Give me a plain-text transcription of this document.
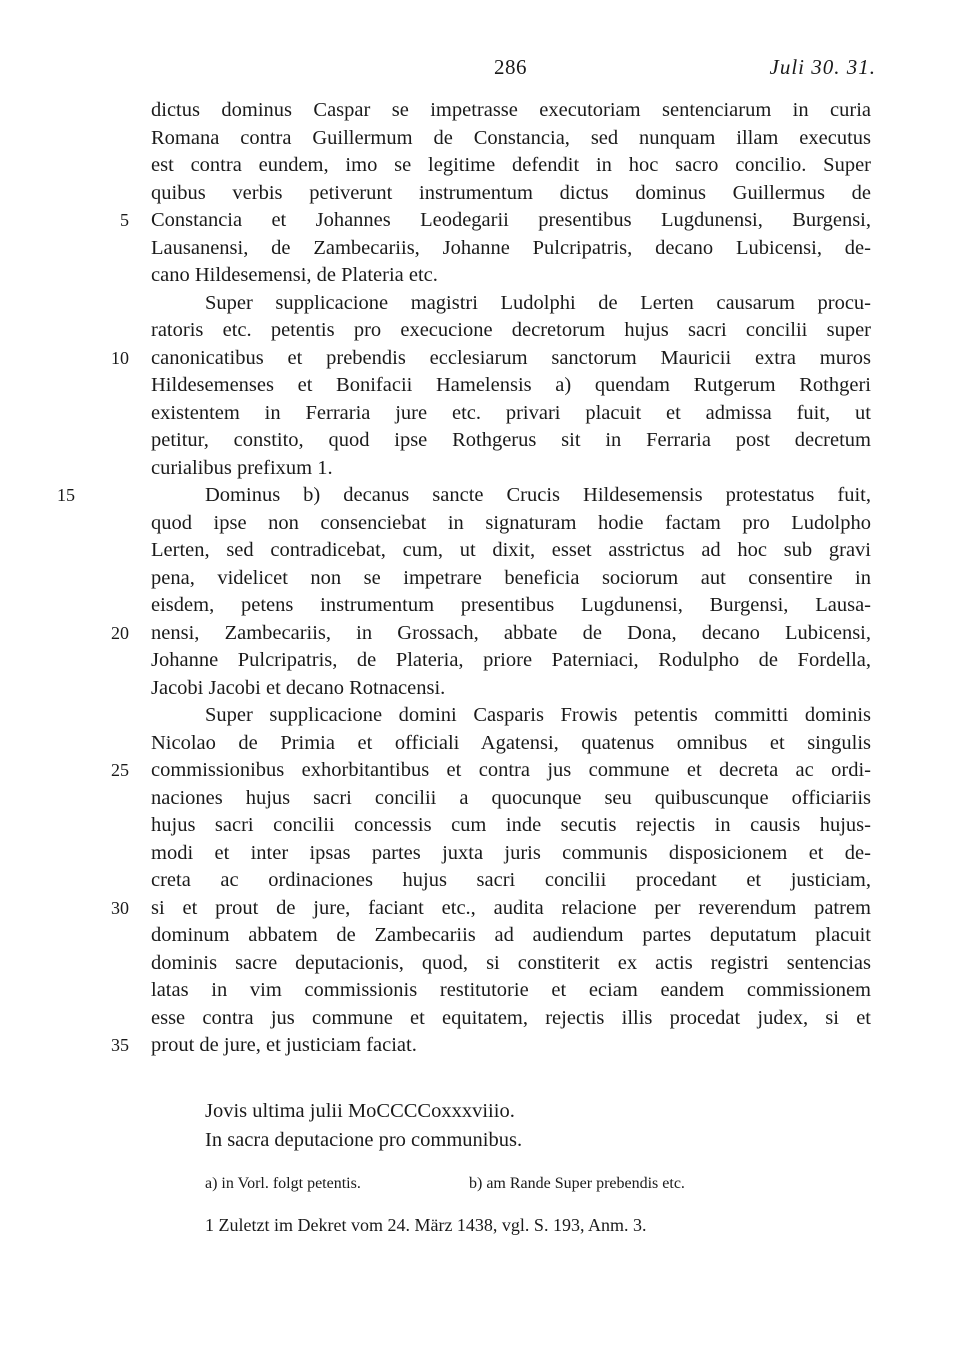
286	Juli 30. 31.
dictus dominus Caspar se impetrasse executoriam sentenciarum in curia
Romana contra Guillermum de Constancia, sed nunquam illam executus
est contra eundem, imo se legitime defendit in hoc sacro concilio. Super
quibus verbis petiverunt instrumentum dictus dominus Guillermus de
5 Constancia et Johannes Leodegarii presentibus Lugdunensi, Burgensi,
Lausanensi, de Zambecariis, Johanne Pulcripatris, decano Lubicensi, de-
cano Hildesemensi, de Plateria etc.
Super supplicacione magistri Ludolphi de Lerten causarum procu-
ratoris etc. petentis pro execucione decretorum hujus sacri concilii super
10 canonicatibus et prebendis ecclesiarum sanctorum Mauricii extra muros
Hildesemenses et Bonifacii Hamelensis a) quendam Rutgerum Rothgeri
existentem in Ferraria jure etc. privari placuit et admissa fuit, ut
petitur, constito, quod ipse Rothgerus sit in Ferraria post decretum
curialibus prefixum 1.
15	Dominus b) decanus sancte Crucis Hildesemensis protestatus fuit,
quod ipse non consenciebat in signaturam hodie factam pro Ludolpho
Lerten, sed contradicebat, cum, ut dixit, esset asstrictus ad hoc sub gravi
pena, videlicet non se impetrare beneficia sociorum aut consentire in
eisdem, petens instrumentum presentibus Lugdunensi, Burgensi, Lausa-
20 nensi, Zambecariis, in Grossach, abbate de Dona, decano Lubicensi,
Johanne Pulcripatris, de Plateria, priore Paterniaci, Rodulpho de Fordella,
Jacobi Jacobi et decano Rotnacensi.
Super supplicacione domini Casparis Frowis petentis committi dominis
Nicolao de Primia et officiali Agatensi, quatenus omnibus et singulis
25 commissionibus exhorbitantibus et contra jus commune et decreta ac ordi-
naciones hujus sacri concilii a quocunque seu quibuscunque officiariis
hujus sacri concilii concessis cum inde secutis rejectis in causis hujus-
modi et inter ipsas partes juxta juris communis disposicionem et de-
creta ac ordinaciones hujus sacri concilii procedant et justiciam,
30 si et prout de jure, faciant etc., audita relacione per reverendum patrem
dominum abbatem de Zambecariis ad audiendum partes deputatum placuit
dominis sacre deputacionis, quod, si constiterit ex actis registri sentencias
latas in vim commissionis restitutorie et eciam eandem commissionem
esse contra jus commune et equitatem, rejectis illis procedat judex, si et
35 prout de jure, et justiciam faciat.
Jovis ultima julii MoCCCCoxxxviiio.
In sacra deputacione pro communibus.
a) in Vorl. folgt petentis.	b) am Rande Super prebendis etc.
1 Zuletzt im Dekret vom 24. März 1438, vgl. S. 193, Anm. 3.
